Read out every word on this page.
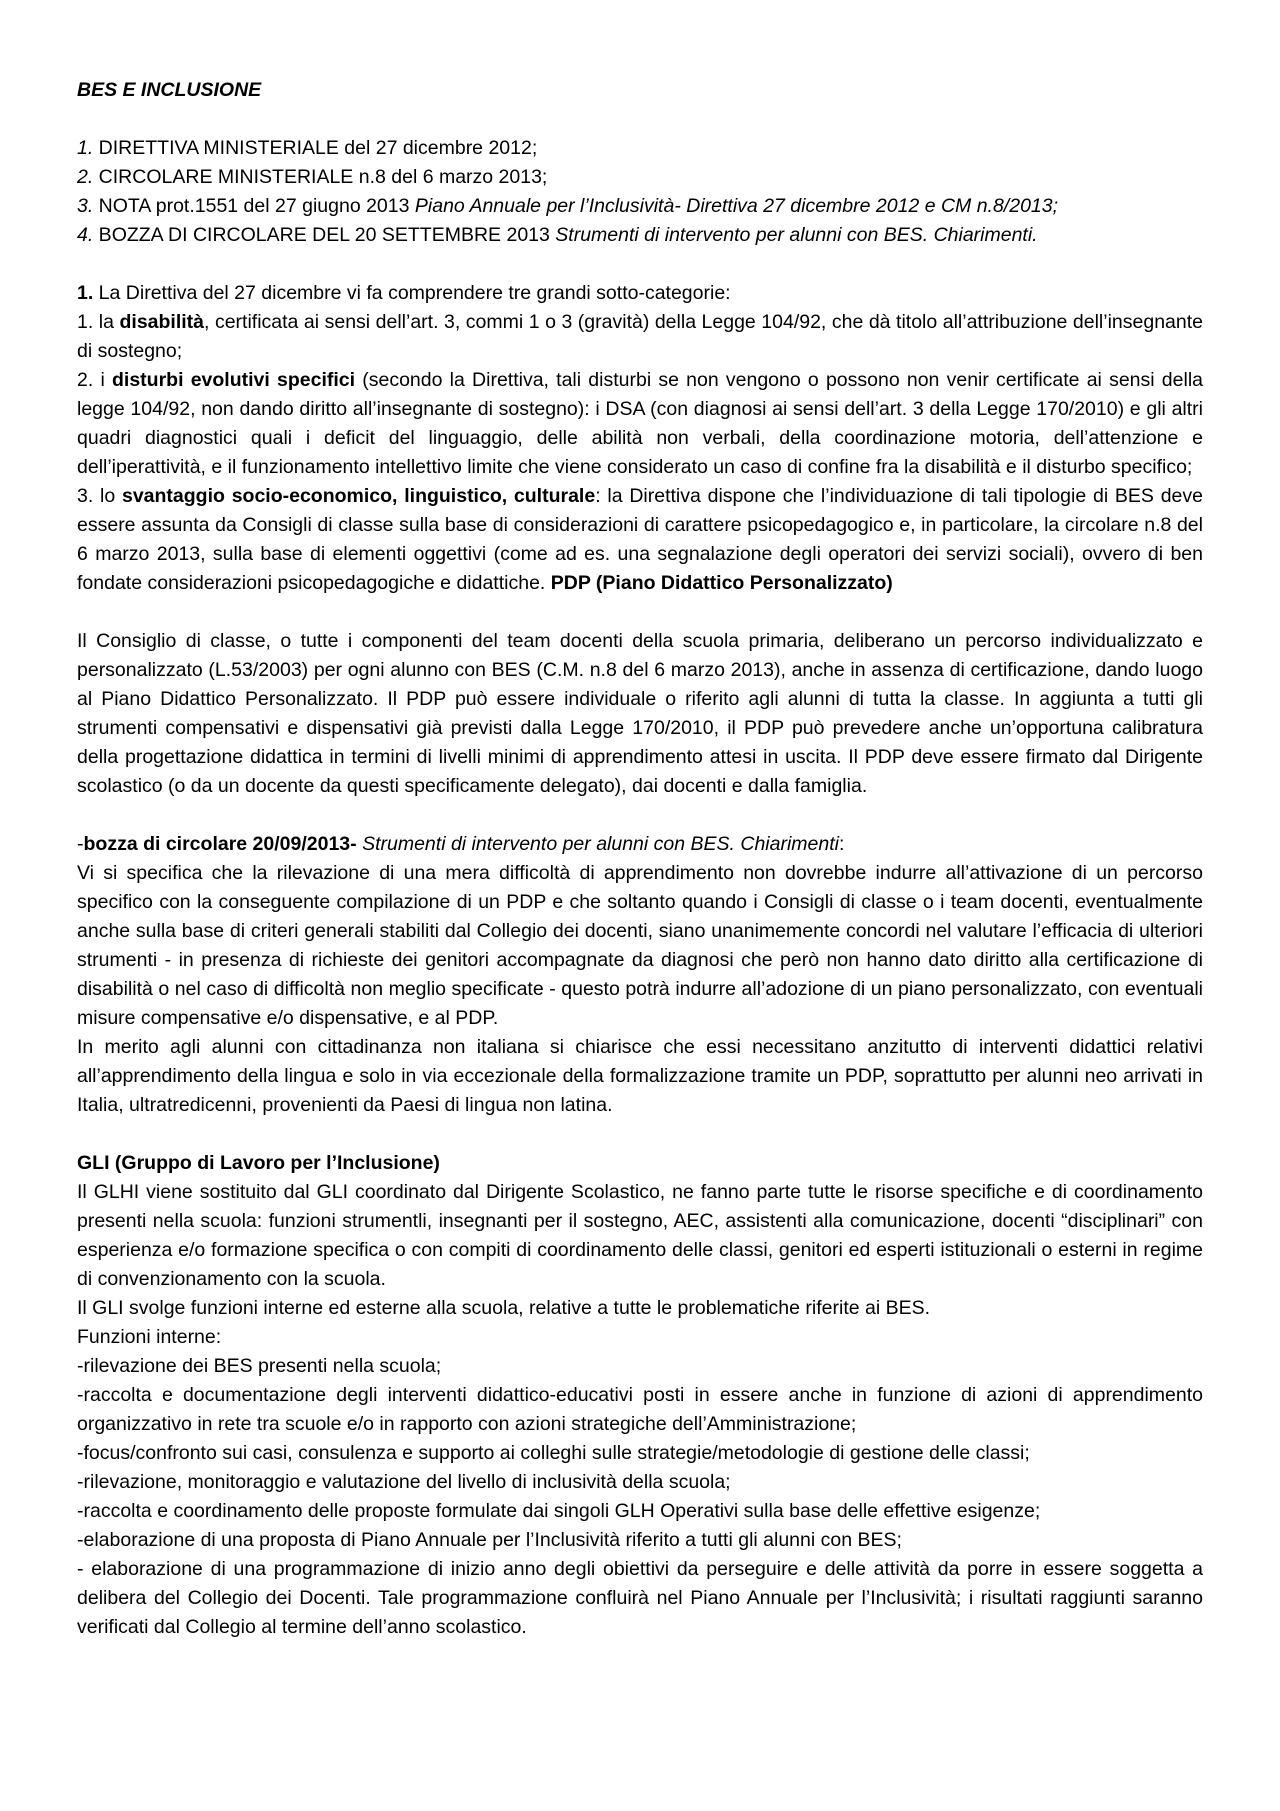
BES E INCLUSIONE

1. DIRETTIVA MINISTERIALE del 27 dicembre 2012;

2. CIRCOLARE MINISTERIALE n.8 del 6 marzo 2013;

3. NOTA prot.1551 del 27 giugno 2013 Piano Annuale per l’Inclusività- Direttiva 27 dicembre 2012 e CM n.8/2013;

4. BOZZA DI CIRCOLARE DEL 20 SETTEMBRE 2013 Strumenti di intervento per alunni con BES. Chiarimenti.

1. La Direttiva del 27 dicembre vi fa comprendere tre grandi sotto-categorie:

1. la disabilità, certificata ai sensi dell’art. 3, commi 1 o 3 (gravità) della Legge 104/92, che dà titolo all’attribuzione dell’insegnante di sostegno;

2. i disturbi evolutivi specifici (secondo la Direttiva, tali disturbi se non vengono o possono non venir certificate ai sensi della legge 104/92, non dando diritto all’insegnante di sostegno): i DSA (con diagnosi ai sensi dell’art. 3 della Legge 170/2010) e gli altri quadri diagnostici quali i deficit del linguaggio, delle abilità non verbali, della coordinazione motoria, dell’attenzione e dell’iperattività, e il funzionamento intellettivo limite che viene considerato un caso di confine fra la disabilità e il disturbo specifico;

3. lo svantaggio socio-economico, linguistico, culturale: la Direttiva dispone che l’individuazione di tali tipologie di BES deve essere assunta da Consigli di classe sulla base di considerazioni di carattere psicopedagogico e, in particolare, la circolare n.8 del 6 marzo 2013, sulla base di elementi oggettivi (come ad es. una segnalazione degli operatori dei servizi sociali), ovvero di ben fondate considerazioni psicopedagogiche e didattiche. PDP (Piano Didattico Personalizzato)

Il Consiglio di classe, o tutte i componenti del team docenti della scuola primaria, deliberano un percorso individualizzato e personalizzato (L.53/2003) per ogni alunno con BES (C.M. n.8 del 6 marzo 2013), anche in assenza di certificazione, dando luogo al Piano Didattico Personalizzato. Il PDP può essere individuale o riferito agli alunni di tutta la classe. In aggiunta a tutti gli strumenti compensativi e dispensativi già previsti dalla Legge 170/2010, il PDP può prevedere anche un’opportuna calibratura della progettazione didattica in termini di livelli minimi di apprendimento attesi in uscita. Il PDP deve essere firmato dal Dirigente scolastico (o da un docente da questi specificamente delegato), dai docenti e dalla famiglia.

-bozza di circolare 20/09/2013- Strumenti di intervento per alunni con BES. Chiarimenti:

Vi si specifica che la rilevazione di una mera difficoltà di apprendimento non dovrebbe indurre all’attivazione di un percorso specifico con la conseguente compilazione di un PDP e che soltanto quando i Consigli di classe o i team docenti, eventualmente anche sulla base di criteri generali stabiliti dal Collegio dei docenti, siano unanimemente concordi nel valutare l’efficacia di ulteriori strumenti - in presenza di richieste dei genitori accompagnate da diagnosi che però non hanno dato diritto alla certificazione di disabilità o nel caso di difficoltà non meglio specificate - questo potrà indurre all’adozione di un piano personalizzato, con eventuali misure compensative e/o dispensative, e al PDP.

In merito agli alunni con cittadinanza non italiana si chiarisce che essi necessitano anzitutto di interventi didattici relativi all’apprendimento della lingua e solo in via eccezionale della formalizzazione tramite un PDP, soprattutto per alunni neo arrivati in Italia, ultratredicenni, provenienti da Paesi di lingua non latina.

GLI (Gruppo di Lavoro per l’Inclusione)

Il GLHI viene sostituito dal GLI coordinato dal Dirigente Scolastico, ne fanno parte tutte le risorse specifiche e di coordinamento presenti nella scuola: funzioni strumentli, insegnanti per il sostegno, AEC, assistenti alla comunicazione, docenti “disciplinari” con esperienza e/o formazione specifica o con compiti di coordinamento delle classi, genitori ed esperti istituzionali o esterni in regime di convenzionamento con la scuola.

Il GLI svolge funzioni interne ed esterne alla scuola, relative a tutte le problematiche riferite ai BES.

Funzioni interne:

-rilevazione dei BES presenti nella scuola;

-raccolta e documentazione degli interventi didattico-educativi posti in essere anche in funzione di azioni di apprendimento organizzativo in rete tra scuole e/o in rapporto con azioni strategiche dell’Amministrazione;

-focus/confronto sui casi, consulenza e supporto ai colleghi sulle strategie/metodologie di gestione delle classi;

-rilevazione, monitoraggio e valutazione del livello di inclusività della scuola;

-raccolta e coordinamento delle proposte formulate dai singoli GLH Operativi sulla base delle effettive esigenze;

-elaborazione di una proposta di Piano Annuale per l’Inclusività riferito a tutti gli alunni con BES;

- elaborazione di una programmazione di inizio anno degli obiettivi da perseguire e delle attività da porre in essere soggetta a delibera del Collegio dei Docenti. Tale programmazione confluirà nel Piano Annuale per l’Inclusività; i risultati raggiunti saranno verificati dal Collegio al termine dell’anno scolastico.
